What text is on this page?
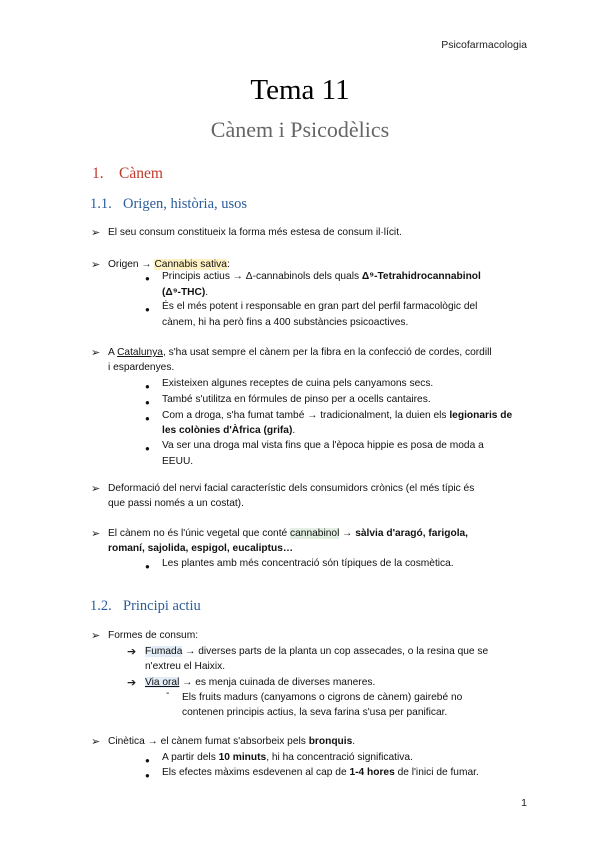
Psicofarmacologia
Tema 11
Cànem i Psicodèlics
1. Cànem
1.1. Origen, història, usos
➢ El seu consum constitueix la forma més estesa de consum il·lícit.
➢ Origen → Cannabis sativa:
● Principis actius → Δ-cannabinols dels quals Δ⁹-Tetrahidrocannabinol
(Δ⁹-THC).
● És el més potent i responsable en gran part del perfil farmacològic del
cànem, hi ha però fins a 400 substàncies psicoactives.
➢ A Catalunya, s'ha usat sempre el cànem per la fibra en la confecció de cordes, cordill
i espardenyes.
● Existeixen algunes receptes de cuina pels canyamons secs.
● També s'utilitza en fórmules de pinso per a ocells cantaires.
● Com a droga, s'ha fumat també → tradicionalment, la duien els legionaris de
les colònies d'Àfrica (grifa).
● Va ser una droga mal vista fins que a l'època hippie es posa de moda a
EEUU.
➢ Deformació del nervi facial característic dels consumidors crònics (el més típic és
que passi només a un costat).
➢ El cànem no és l'únic vegetal que conté cannabinol → sàlvia d'aragó, farigola,
romaní, sajolida, espigol, eucaliptus…
● Les plantes amb més concentració són típiques de la cosmètica.
1.2. Principi actiu
➢ Formes de consum:
➔ Fumada → diverses parts de la planta un cop assecades, o la resina que se
n'extreu el Haixix.
➔ Via oral → es menja cuinada de diverses maneres.
- Els fruits madurs (canyamons o cigrons de cànem) gairebé no
contenen principis actius, la seva farina s'usa per panificar.
➢ Cinètica → el cànem fumat s'absorbeix pels bronquis.
● A partir dels 10 minuts, hi ha concentració significativa.
● Els efectes màxims esdevenen al cap de 1-4 hores de l'inici de fumar.
1
